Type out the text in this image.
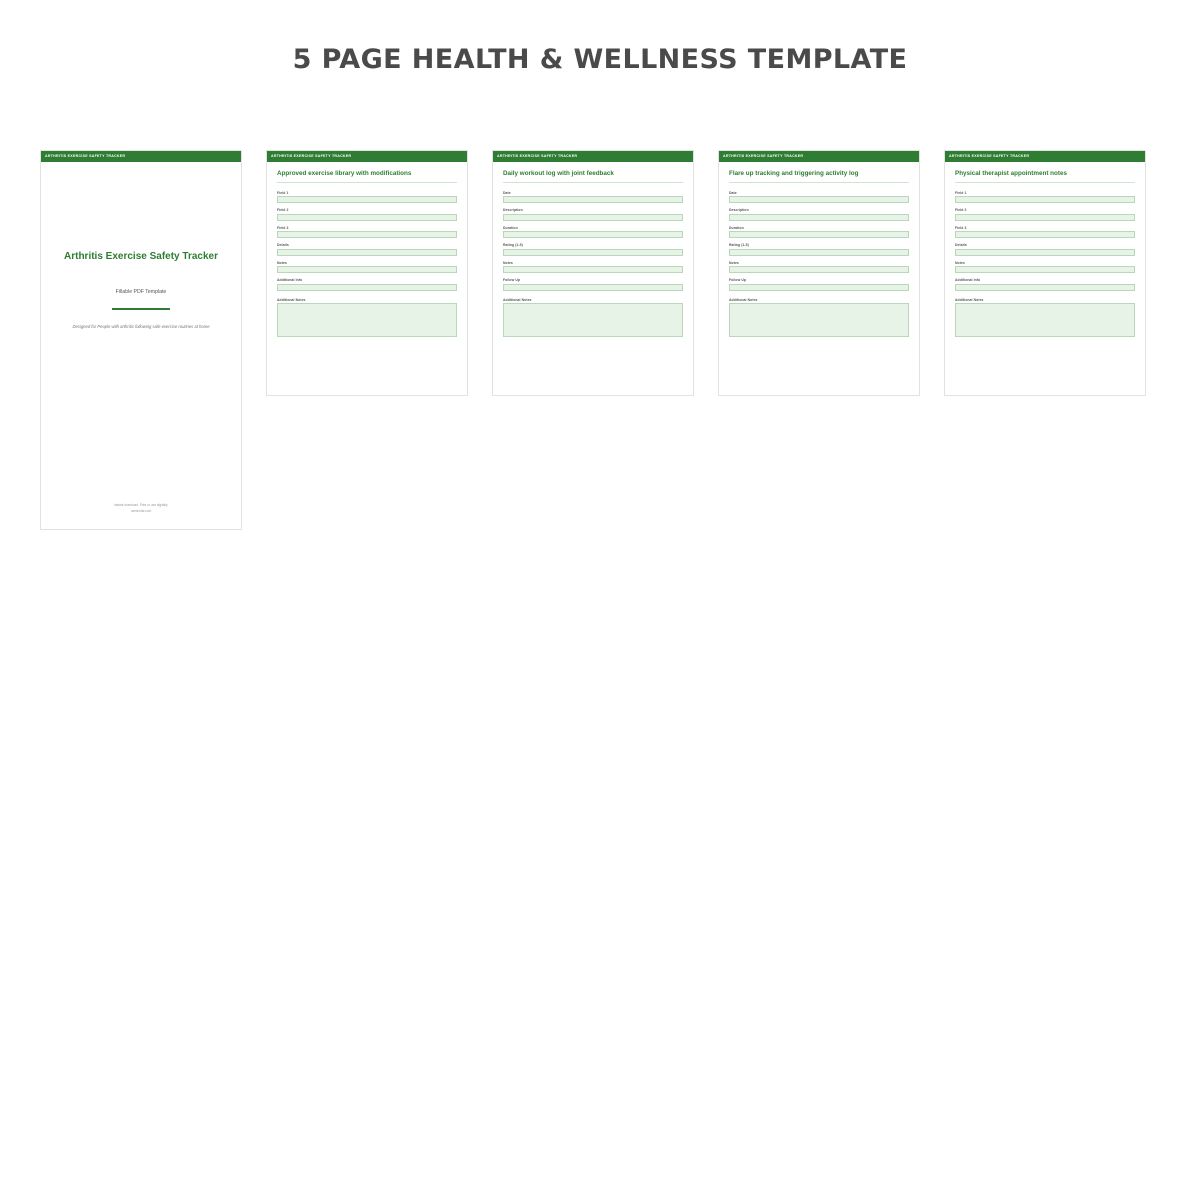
5 PAGE HEALTH & WELLNESS TEMPLATE
ARTHRITIS EXERCISE SAFETY TRACKER
Arthritis Exercise Safety Tracker
Fillable PDF Template
Designed for People with arthritis following safe exercise routines at home
Instant download. Print or use digitally.
uxechotai.com
ARTHRITIS EXERCISE SAFETY TRACKER
Approved exercise library with modifications
Field 1
Field 2
Field 3
Details
Notes
Additional Info
Additional Notes
ARTHRITIS EXERCISE SAFETY TRACKER
Daily workout log with joint feedback
Date
Description
Duration
Rating (1-5)
Notes
Follow Up
Additional Notes
ARTHRITIS EXERCISE SAFETY TRACKER
Flare up tracking and triggering activity log
Date
Description
Duration
Rating (1-5)
Notes
Follow Up
Additional Notes
ARTHRITIS EXERCISE SAFETY TRACKER
Physical therapist appointment notes
Field 1
Field 2
Field 3
Details
Notes
Additional Info
Additional Notes
